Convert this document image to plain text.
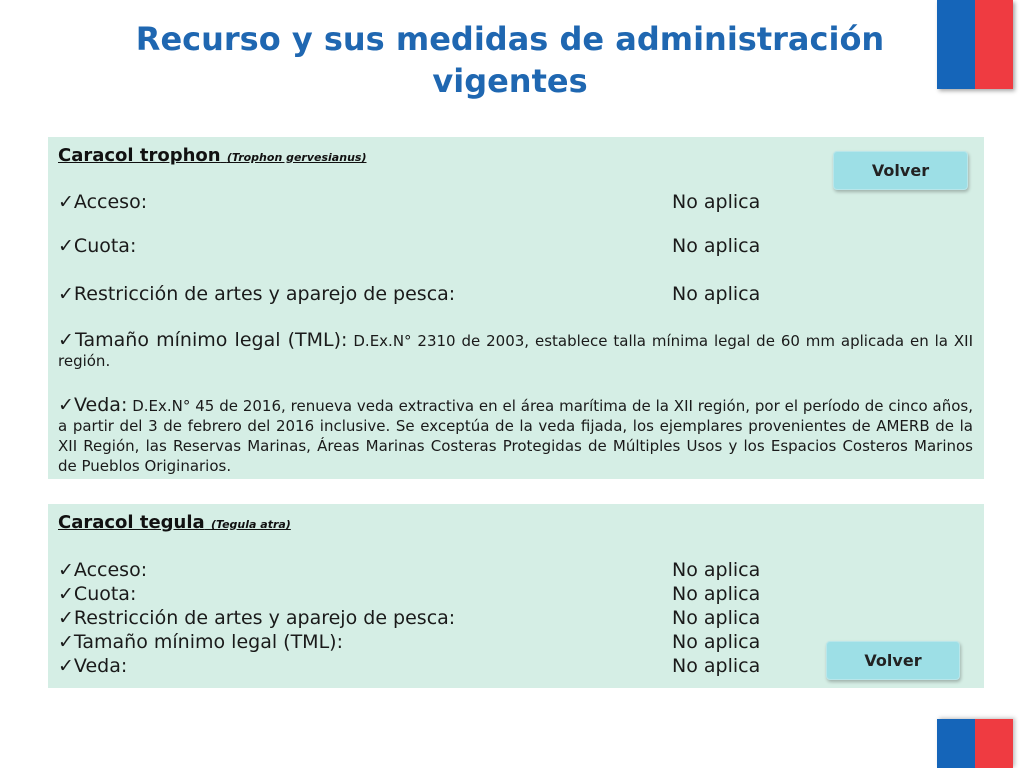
Recurso y sus medidas de administración
vigentes
Caracol trophon (Trophon gervesianus)
✓Acceso:	No aplica
✓Cuota:	No aplica
✓Restricción de artes y aparejo de pesca:	No aplica
✓Tamaño mínimo legal (TML): D.Ex.N° 2310 de 2003, establece talla mínima legal de 60 mm aplicada en la XII región.
✓Veda: D.Ex.N° 45 de 2016, renueva veda extractiva en el área marítima de la XII región, por el período de cinco años, a partir del 3 de febrero del 2016 inclusive. Se exceptúa de la veda fijada, los ejemplares provenientes de AMERB de la XII Región, las Reservas Marinas, Áreas Marinas Costeras Protegidas de Múltiples Usos y los Espacios Costeros Marinos de Pueblos Originarios.
Volver
Caracol tegula (Tegula atra)
✓Acceso:	No aplica
✓Cuota:	No aplica
✓Restricción de artes y aparejo de pesca:	No aplica
✓Tamaño mínimo legal (TML):	No aplica
✓Veda:	No aplica	Volver
